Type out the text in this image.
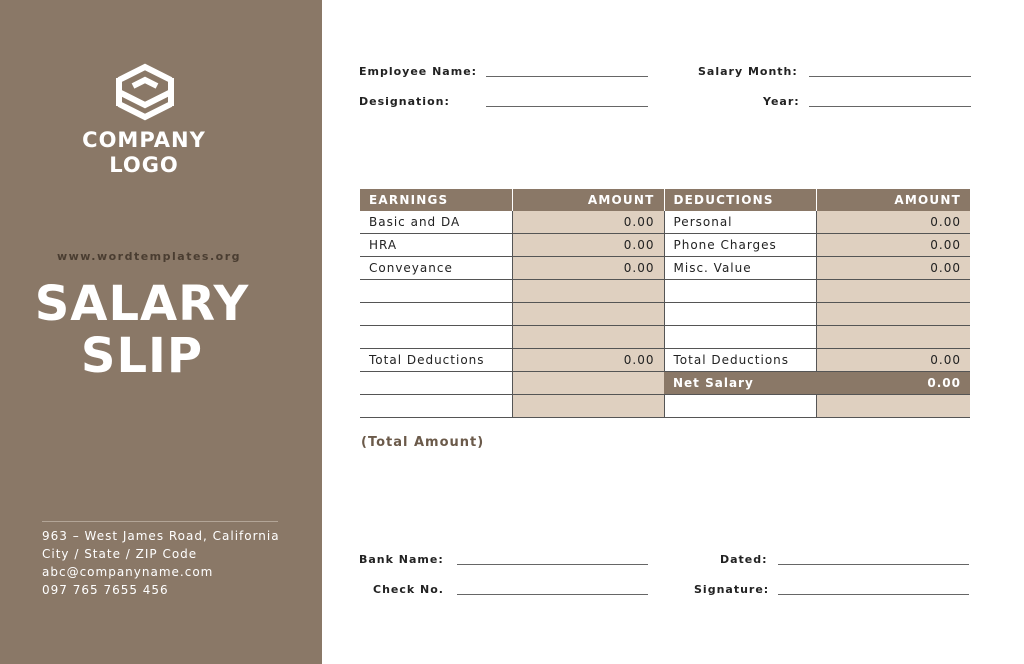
COMPANY
LOGO
www.wordtemplates.org
SALARY
SLIP
963 – West James Road, California
City / State / ZIP Code
abc@companyname.com
097 765 7655 456
Employee Name:
Designation:
Salary Month:
Year:
EARNINGS	AMOUNT	DEDUCTIONS	AMOUNT
Basic and DA	0.00	Personal	0.00
HRA	0.00	Phone Charges	0.00
Conveyance	0.00	Misc. Value	0.00

Total Deductions	0.00	Total Deductions	0.00
		Net Salary	0.00

(Total Amount)
Bank Name:
Check No.
Dated:
Signature:
